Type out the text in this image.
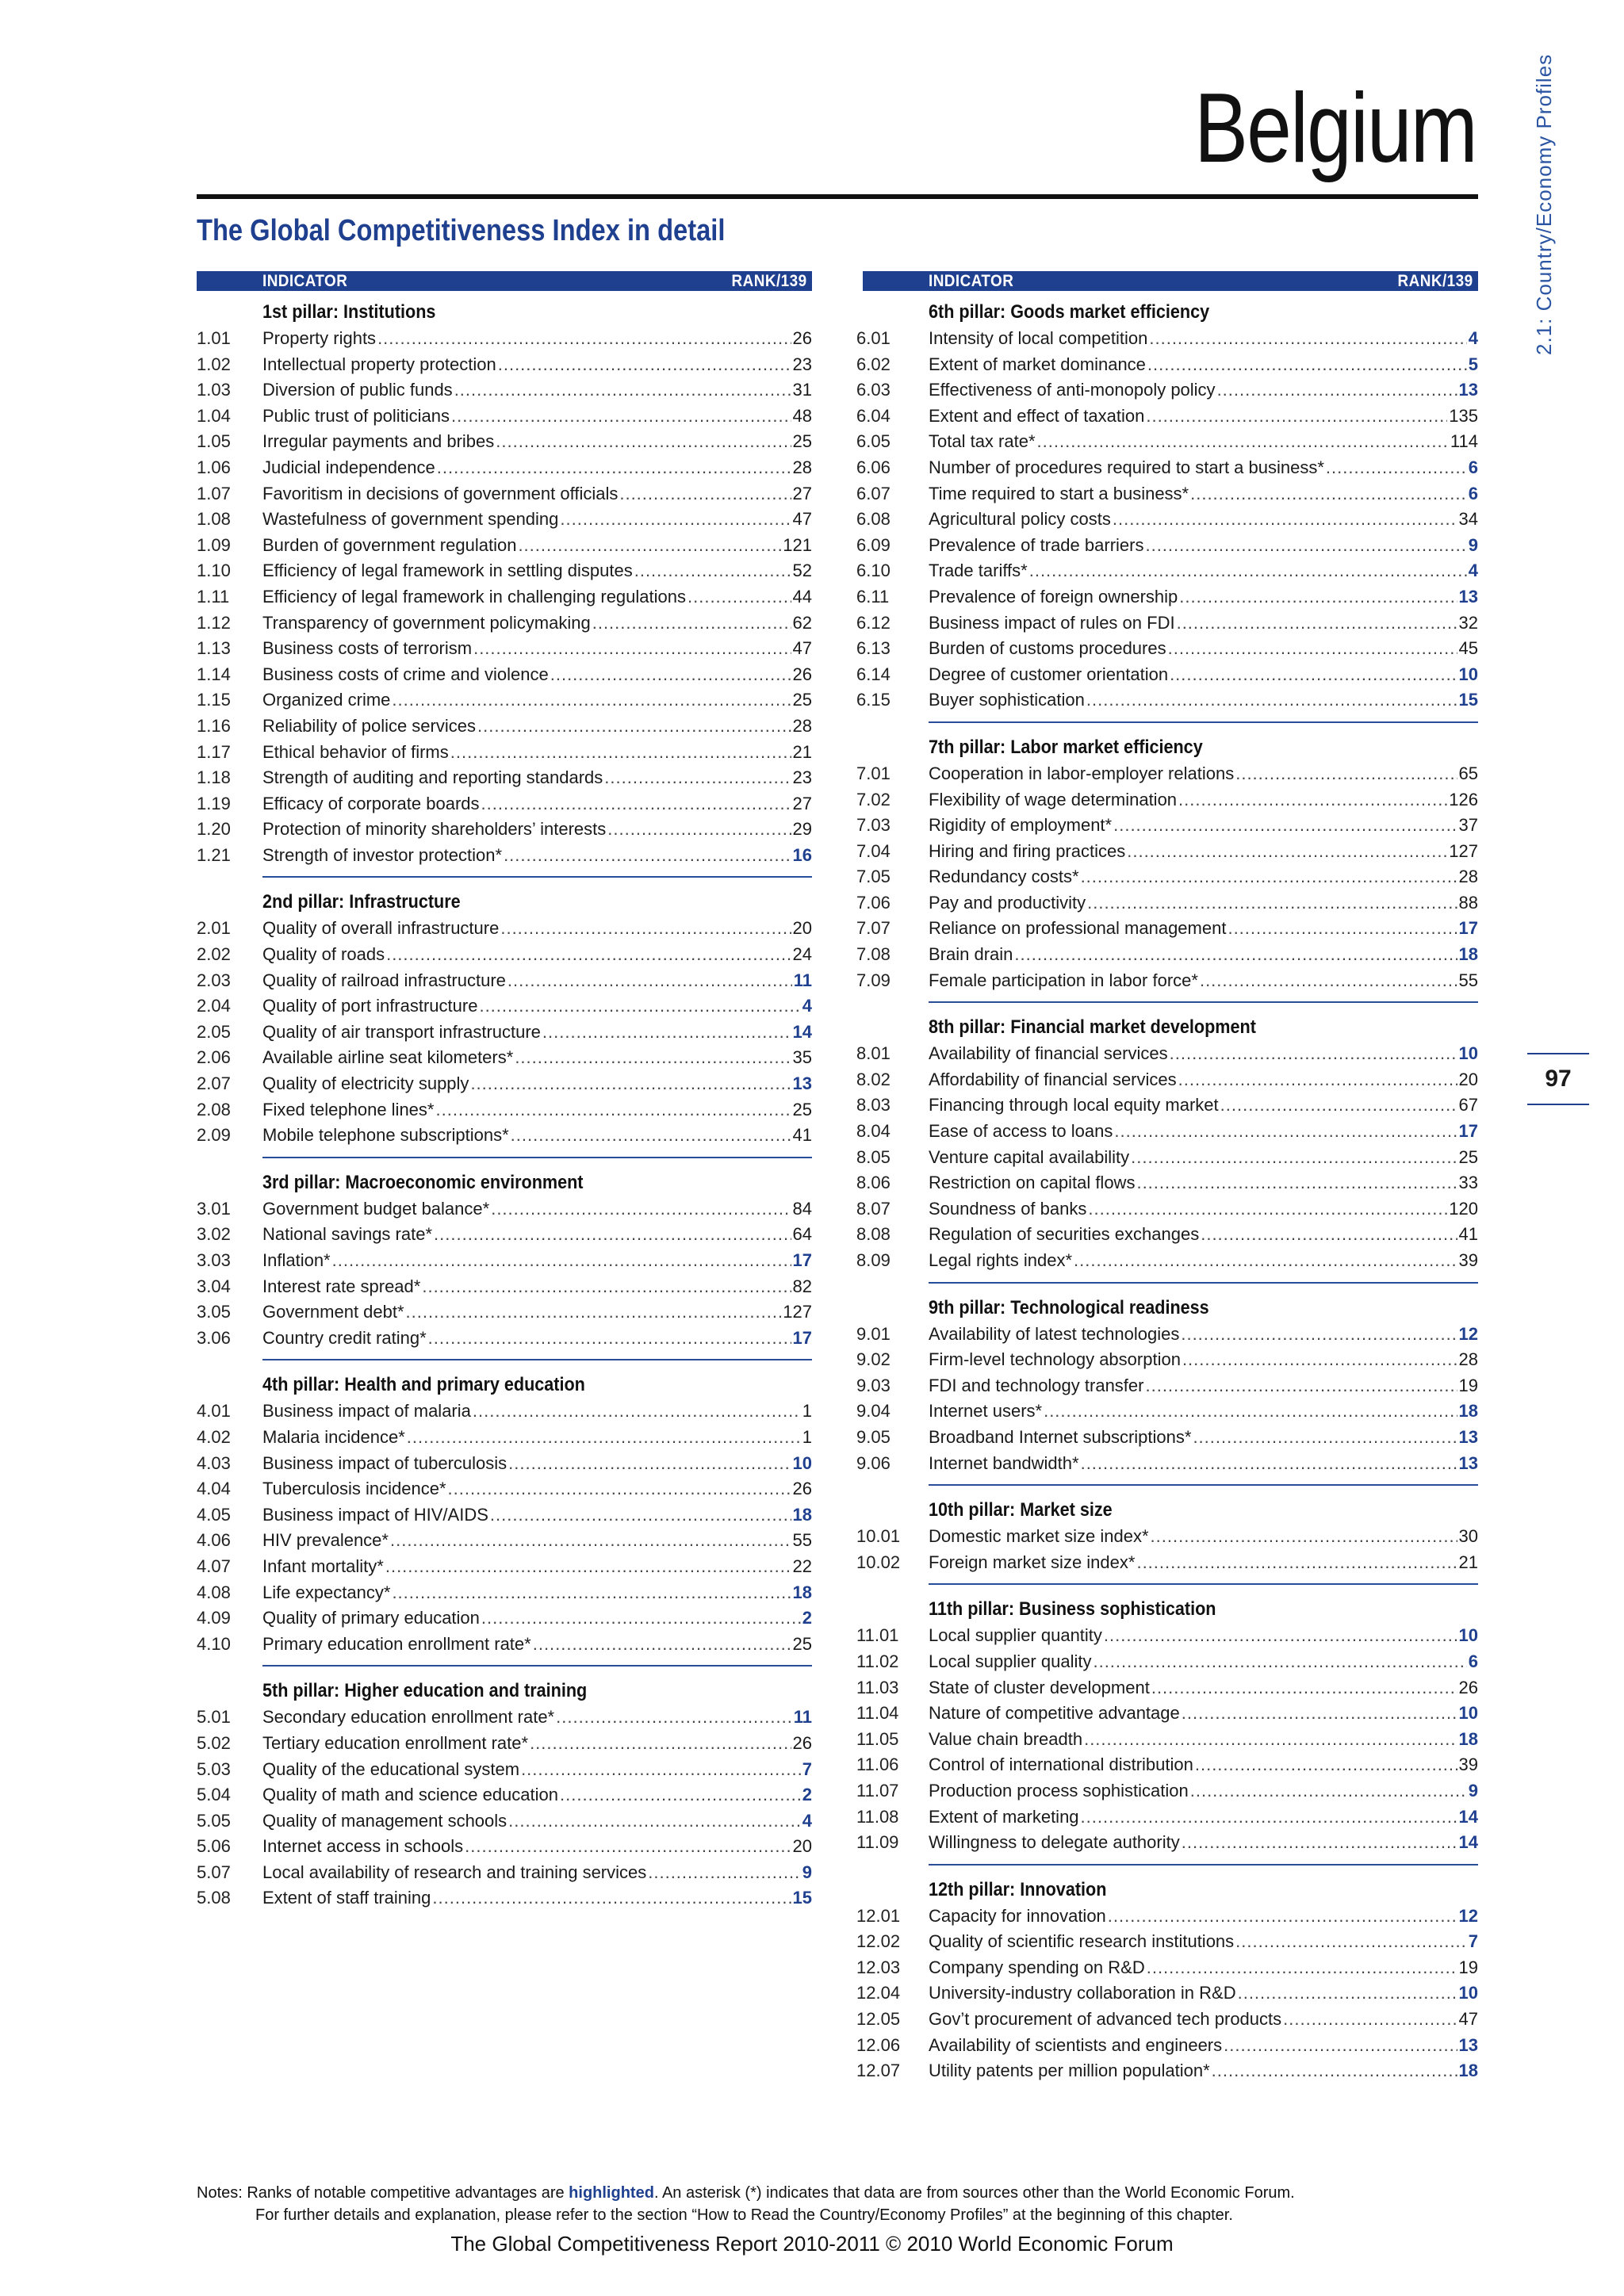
Belgium
The Global Competitiveness Index in detail	2.1: Country/Economy Profiles
97
INDICATOR	RANK/139
1st pillar: Institutions
1.01	Property rights .....	26
1.02	Intellectual property protection .....	23
1.03	Diversion of public funds .....	31
1.04	Public trust of politicians .....	48
1.05	Irregular payments and bribes .....	25
1.06	Judicial independence .....	28
1.07	Favoritism in decisions of government officials .....	27
1.08	Wastefulness of government spending .....	47
1.09	Burden of government regulation .....	121
1.10	Efficiency of legal framework in settling disputes .....	52
1.11	Efficiency of legal framework in challenging regulations .....	44
1.12	Transparency of government policymaking .....	62
1.13	Business costs of terrorism .....	47
1.14	Business costs of crime and violence .....	26
1.15	Organized crime .....	25
1.16	Reliability of police services .....	28
1.17	Ethical behavior of firms .....	21
1.18	Strength of auditing and reporting standards .....	23
1.19	Efficacy of corporate boards .....	27
1.20	Protection of minority shareholders’ interests .....	29
1.21	Strength of investor protection* .....	16
2nd pillar: Infrastructure
2.01	Quality of overall infrastructure .....	20
2.02	Quality of roads .....	24
2.03	Quality of railroad infrastructure .....	11
2.04	Quality of port infrastructure .....	4
2.05	Quality of air transport infrastructure .....	14
2.06	Available airline seat kilometers* .....	35
2.07	Quality of electricity supply .....	13
2.08	Fixed telephone lines* .....	25
2.09	Mobile telephone subscriptions* .....	41
3rd pillar: Macroeconomic environment
3.01	Government budget balance* .....	84
3.02	National savings rate* .....	64
3.03	Inflation* .....	17
3.04	Interest rate spread* .....	82
3.05	Government debt* .....	127
3.06	Country credit rating* .....	17
4th pillar: Health and primary education
4.01	Business impact of malaria .....	1
4.02	Malaria incidence* .....	1
4.03	Business impact of tuberculosis .....	10
4.04	Tuberculosis incidence* .....	26
4.05	Business impact of HIV/AIDS .....	18
4.06	HIV prevalence* .....	55
4.07	Infant mortality* .....	22
4.08	Life expectancy* .....	18
4.09	Quality of primary education .....	2
4.10	Primary education enrollment rate* .....	25
5th pillar: Higher education and training
5.01	Secondary education enrollment rate* .....	11
5.02	Tertiary education enrollment rate* .....	26
5.03	Quality of the educational system .....	7
5.04	Quality of math and science education .....	2
5.05	Quality of management schools .....	4
5.06	Internet access in schools .....	20
5.07	Local availability of research and training services .....	9
5.08	Extent of staff training .....	15
INDICATOR	RANK/139
6th pillar: Goods market efficiency
6.01	Intensity of local competition .....	4
6.02	Extent of market dominance .....	5
6.03	Effectiveness of anti-monopoly policy .....	13
6.04	Extent and effect of taxation .....	135
6.05	Total tax rate* .....	114
6.06	Number of procedures required to start a business* .....	6
6.07	Time required to start a business* .....	6
6.08	Agricultural policy costs .....	34
6.09	Prevalence of trade barriers .....	9
6.10	Trade tariffs* .....	4
6.11	Prevalence of foreign ownership .....	13
6.12	Business impact of rules on FDI .....	32
6.13	Burden of customs procedures .....	45
6.14	Degree of customer orientation .....	10
6.15	Buyer sophistication .....	15
7th pillar: Labor market efficiency
7.01	Cooperation in labor-employer relations .....	65
7.02	Flexibility of wage determination .....	126
7.03	Rigidity of employment* .....	37
7.04	Hiring and firing practices .....	127
7.05	Redundancy costs* .....	28
7.06	Pay and productivity .....	88
7.07	Reliance on professional management .....	17
7.08	Brain drain .....	18
7.09	Female participation in labor force* .....	55
8th pillar: Financial market development
8.01	Availability of financial services .....	10
8.02	Affordability of financial services .....	20
8.03	Financing through local equity market .....	67
8.04	Ease of access to loans .....	17
8.05	Venture capital availability .....	25
8.06	Restriction on capital flows .....	33
8.07	Soundness of banks .....	120
8.08	Regulation of securities exchanges .....	41
8.09	Legal rights index* .....	39
9th pillar: Technological readiness
9.01	Availability of latest technologies .....	12
9.02	Firm-level technology absorption .....	28
9.03	FDI and technology transfer .....	19
9.04	Internet users* .....	18
9.05	Broadband Internet subscriptions* .....	13
9.06	Internet bandwidth* .....	13
10th pillar: Market size
10.01	Domestic market size index* .....	30
10.02	Foreign market size index* .....	21
11th pillar: Business sophistication
11.01	Local supplier quantity .....	10
11.02	Local supplier quality .....	6
11.03	State of cluster development .....	26
11.04	Nature of competitive advantage .....	10
11.05	Value chain breadth .....	18
11.06	Control of international distribution .....	39
11.07	Production process sophistication .....	9
11.08	Extent of marketing .....	14
11.09	Willingness to delegate authority .....	14
12th pillar: Innovation
12.01	Capacity for innovation .....	12
12.02	Quality of scientific research institutions .....	7
12.03	Company spending on R&D .....	19
12.04	University-industry collaboration in R&D .....	10
12.05	Gov’t procurement of advanced tech products .....	47
12.06	Availability of scientists and engineers .....	13
12.07	Utility patents per million population* .....	18
Notes: Ranks of notable competitive advantages are highlighted. An asterisk (*) indicates that data are from sources other than the World Economic Forum.
For further details and explanation, please refer to the section “How to Read the Country/Economy Profiles” at the beginning of this chapter.
The Global Competitiveness Report 2010-2011 © 2010 World Economic Forum
